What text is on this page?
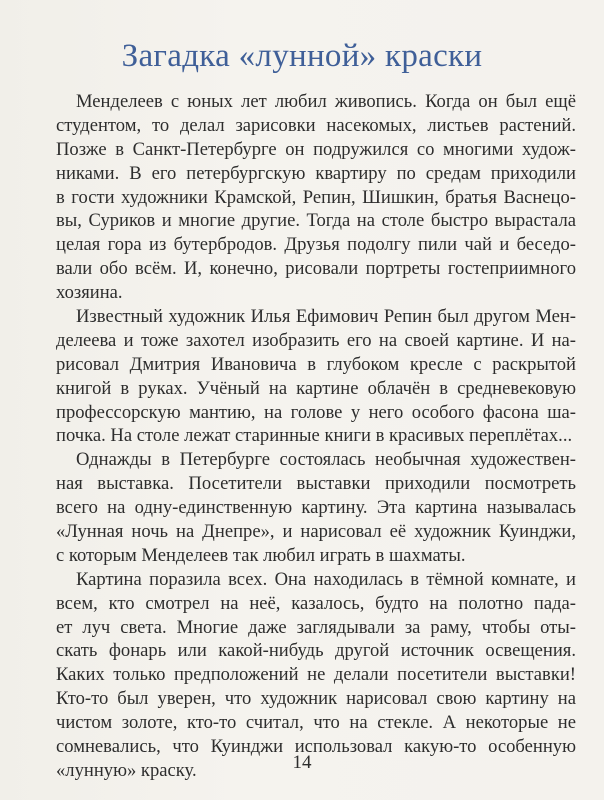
Загадка «лунной» краски
Менделеев с юных лет любил живопись. Когда он был ещё
студентом, то делал зарисовки насекомых, листьев растений.
Позже в Санкт-Петербурге он подружился со многими худож-
никами. В его петербургскую квартиру по средам приходили
в гости художники Крамской, Репин, Шишкин, братья Васнецо-
вы, Суриков и многие другие. Тогда на столе быстро вырастала
целая гора из бутербродов. Друзья подолгу пили чай и беседо-
вали обо всём. И, конечно, рисовали портреты гостеприимного
хозяина.
Известный художник Илья Ефимович Репин был другом Мен-
делеева и тоже захотел изобразить его на своей картине. И на-
рисовал Дмитрия Ивановича в глубоком кресле с раскрытой
книгой в руках. Учёный на картине облачён в средневековую
профессорскую мантию, на голове у него особого фасона ша-
почка. На столе лежат старинные книги в красивых переплётах...
Однажды в Петербурге состоялась необычная художествен-
ная выставка. Посетители выставки приходили посмотреть
всего на одну-единственную картину. Эта картина называлась
«Лунная ночь на Днепре», и нарисовал её художник Куинджи,
с которым Менделеев так любил играть в шахматы.
Картина поразила всех. Она находилась в тёмной комнате, и
всем, кто смотрел на неё, казалось, будто на полотно пада-
ет луч света. Многие даже заглядывали за раму, чтобы оты-
скать фонарь или какой-нибудь другой источник освещения.
Каких только предположений не делали посетители выставки!
Кто-то был уверен, что художник нарисовал свою картину на
чистом золоте, кто-то считал, что на стекле. А некоторые не
сомневались, что Куинджи использовал какую-то особенную
«лунную» краску.	14
